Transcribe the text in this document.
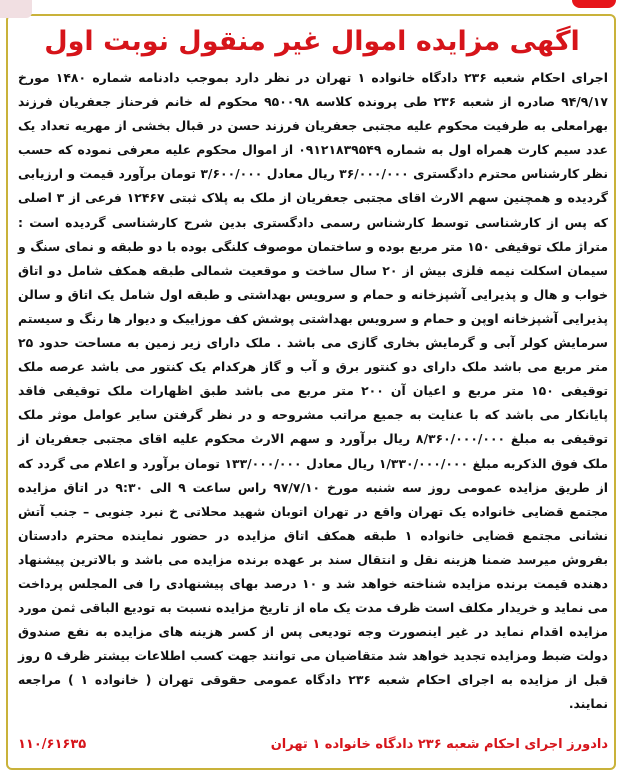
اگهی مزایده اموال غیر منقول نوبت اول
اجرای احکام شعبه ۲۳۶ دادگاه خانواده ۱ تهران در نظر دارد بموجب دادنامه شماره ۱۴۸۰ مورخ ۹۴/۹/۱۷ صادره از شعبه ۲۳۶ طی پرونده کلاسه ۹۵۰۰۹۸ محکوم له خانم فرحناز جعفریان فرزند بهرامعلی به طرفیت محکوم علیه مجتبی جعفریان فرزند حسن در قبال بخشی از مهریه تعداد یک عدد سیم کارت همراه اول به شماره ۰۹۱۲۱۸۳۹۵۴۹ از اموال محکوم علیه معرفی نموده که حسب نظر کارشناس محترم دادگستری ۳۶/۰۰۰/۰۰۰ ریال معادل ۳/۶۰۰/۰۰۰ تومان برآورد قیمت و ارزیابی گردیده و همچنین سهم الارث اقای مجتبی جعفریان از ملک به پلاک ثبتی ۱۲۴۶۷ فرعی از ۳ اصلی که پس از کارشناسی توسط کارشناس رسمی دادگستری بدین شرح کارشناسی گردیده است : متراژ ملک توقیفی ۱۵۰ متر مربع بوده و ساختمان موصوف کلنگی بوده با دو طبقه و نمای سنگ و سیمان اسکلت نیمه فلزی بیش از ۲۰ سال ساخت و موقعیت شمالی طبقه همکف شامل دو اتاق خواب و هال و پذیرایی آشپزخانه و حمام و سرویس بهداشتی و طبقه اول شامل یک اتاق و سالن پذیرایی آشپزخانه اوپن و حمام و سرویس بهداشتی پوشش کف موزاییک و دیوار ها رنگ و سیستم سرمایش کولر آبی و گرمایش بخاری گازی می باشد . ملک دارای زیر زمین به مساحت حدود ۲۵ متر مربع می باشد ملک دارای دو کنتور برق و آب و گاز هرکدام یک کنتور می باشد عرصه ملک توقیفی ۱۵۰ متر مربع و اعیان آن ۲۰۰ متر مربع می باشد طبق اظهارات ملک توقیفی فاقد پایانکار می باشد که با عنایت به جمیع مراتب مشروحه و در نظر گرفتن سایر عوامل موثر ملک توقیفی به مبلغ ۸/۳۶۰/۰۰۰/۰۰۰ ریال برآورد و سهم الارث محکوم علیه اقای مجتبی جعفریان از ملک فوق الذکربه مبلغ ۱/۳۳۰/۰۰۰/۰۰۰ ریال معادل ۱۳۳/۰۰۰/۰۰۰ تومان برآورد و اعلام می گردد که از طریق مزایده عمومی روز سه شنبه مورخ ۹۷/۷/۱۰ راس ساعت ۹ الی ۹:۳۰ در اتاق مزایده مجتمع قضایی خانواده یک تهران واقع در تهران اتوبان شهید محلاتی خ نبرد جنوبی – جنب آتش نشانی مجتمع قضایی خانواده ۱ طبقه همکف اتاق مزایده در حضور نماینده محترم دادستان بفروش میرسد ضمنا هزینه نقل و انتقال سند بر عهده برنده مزایده می باشد و بالاترین پیشنهاد دهنده قیمت برنده مزایده شناخته خواهد شد و ۱۰ درصد بهای پیشنهادی را فی المجلس پرداخت می نماید و خریدار مکلف است ظرف مدت یک ماه از تاریخ مزایده نسبت به تودیع الباقی ثمن مورد مزایده اقدام نماید در غیر اینصورت وجه تودیعی پس از کسر هزینه های مزایده به نفع صندوق دولت ضبط ومزایده تجدید خواهد شد متقاضیان می توانند جهت کسب اطلاعات بیشتر ظرف ۵ روز قبل از مزایده به اجرای احکام شعبه ۲۳۶ دادگاه عمومی حقوقی تهران ( خانواده ۱ ) مراجعه نمایند.
دادورز اجرای احکام شعبه ۲۳۶ دادگاه خانواده ۱ تهران
۱۱۰/۶۱۶۳۵
